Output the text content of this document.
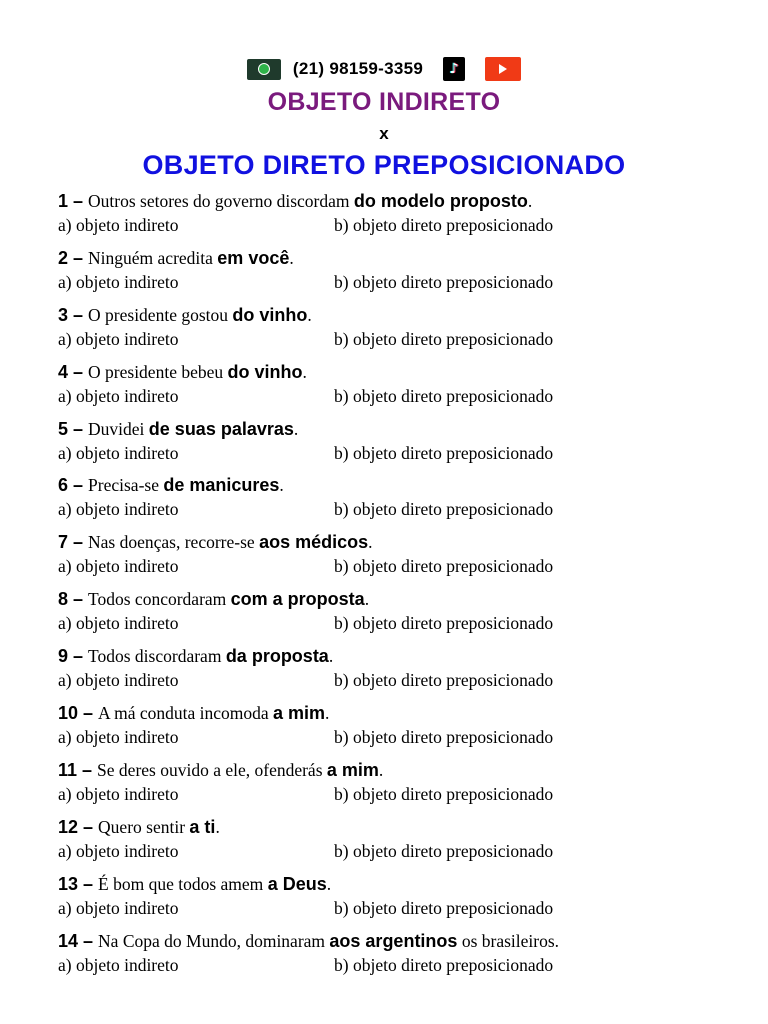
(21) 98159-3359	♪
OBJETO INDIRETO
x
OBJETO DIRETO PREPOSICIONADO
1 – Outros setores do governo discordam do modelo proposto.
a) objeto indireto	b) objeto direto preposicionado
2 – Ninguém acredita em você.
a) objeto indireto	b) objeto direto preposicionado
3 – O presidente gostou do vinho.
a) objeto indireto	b) objeto direto preposicionado
4 – O presidente bebeu do vinho.
a) objeto indireto	b) objeto direto preposicionado
5 – Duvidei de suas palavras.
a) objeto indireto	b) objeto direto preposicionado
6 – Precisa-se de manicures.
a) objeto indireto	b) objeto direto preposicionado
7 – Nas doenças, recorre-se aos médicos.
a) objeto indireto	b) objeto direto preposicionado
8 – Todos concordaram com a proposta.
a) objeto indireto	b) objeto direto preposicionado
9 – Todos discordaram da proposta.
a) objeto indireto	b) objeto direto preposicionado
10 – A má conduta incomoda a mim.
a) objeto indireto	b) objeto direto preposicionado
11 – Se deres ouvido a ele, ofenderás a mim.
a) objeto indireto	b) objeto direto preposicionado
12 – Quero sentir a ti.
a) objeto indireto	b) objeto direto preposicionado
13 – É bom que todos amem a Deus.
a) objeto indireto	b) objeto direto preposicionado
14 – Na Copa do Mundo, dominaram aos argentinos os brasileiros.
a) objeto indireto	b) objeto direto preposicionado
